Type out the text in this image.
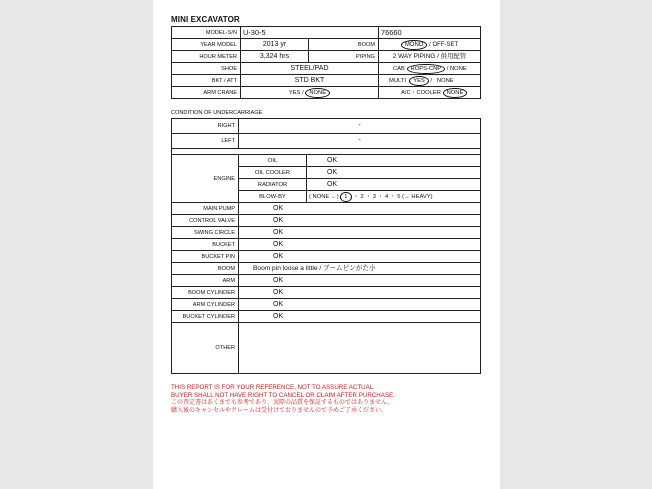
MINI EXCAVATOR
MODEL-S/N	U-30-5		76660
YEAR MODEL	2013 yr	BOOM	MONO / OFF-SET
HOUR METER	3,324 hrs	PIPING	2 WAY PIPING / 併用配管
SHOE	STEEL/PAD		CAB ROPS-CNP / NONE
BKT / ATT	STD BKT		MULTI YES /   NONE
ARM CRANE	YES / NONE		A/C・COOLER NONE
CONDITION OF UNDERCARRIAGE
RIGHT	-	
LEFT	-	

ENGINE	OIL	OK
	OIL COOLER	OK
	RADIATOR	OK
	BLOW-BY	( NONE ←) 1 ・ 2 ・ 3 ・ 4 ・ 5 (→ HEAVY)
MAIN PUMP	OK	
CONTROL VALVE	OK	
SWING CIRCLE	OK	
BUCKET	OK	
BUCKET PIN	OK	
BOOM	Boom pin loose a little / ブームピンがた小	
ARM	OK	
BOOM CYLINDER	OK	
ARM CYLINDER	OK	
BUCKET CYLINDER	OK	
OTHER		
THIS REPORT IS FOR YOUR REFERENCE, NOT TO ASSURE ACTUAL
BUYER SHALL NOT HAVE RIGHT TO CANCEL OR CLAIM AFTER PURCHASE.
この査定書はあくまでも参考であり、実際の品質を保証するものではありません。
購入後のキャンセルやクレームは受付けておりませんので予めご了承ください。
